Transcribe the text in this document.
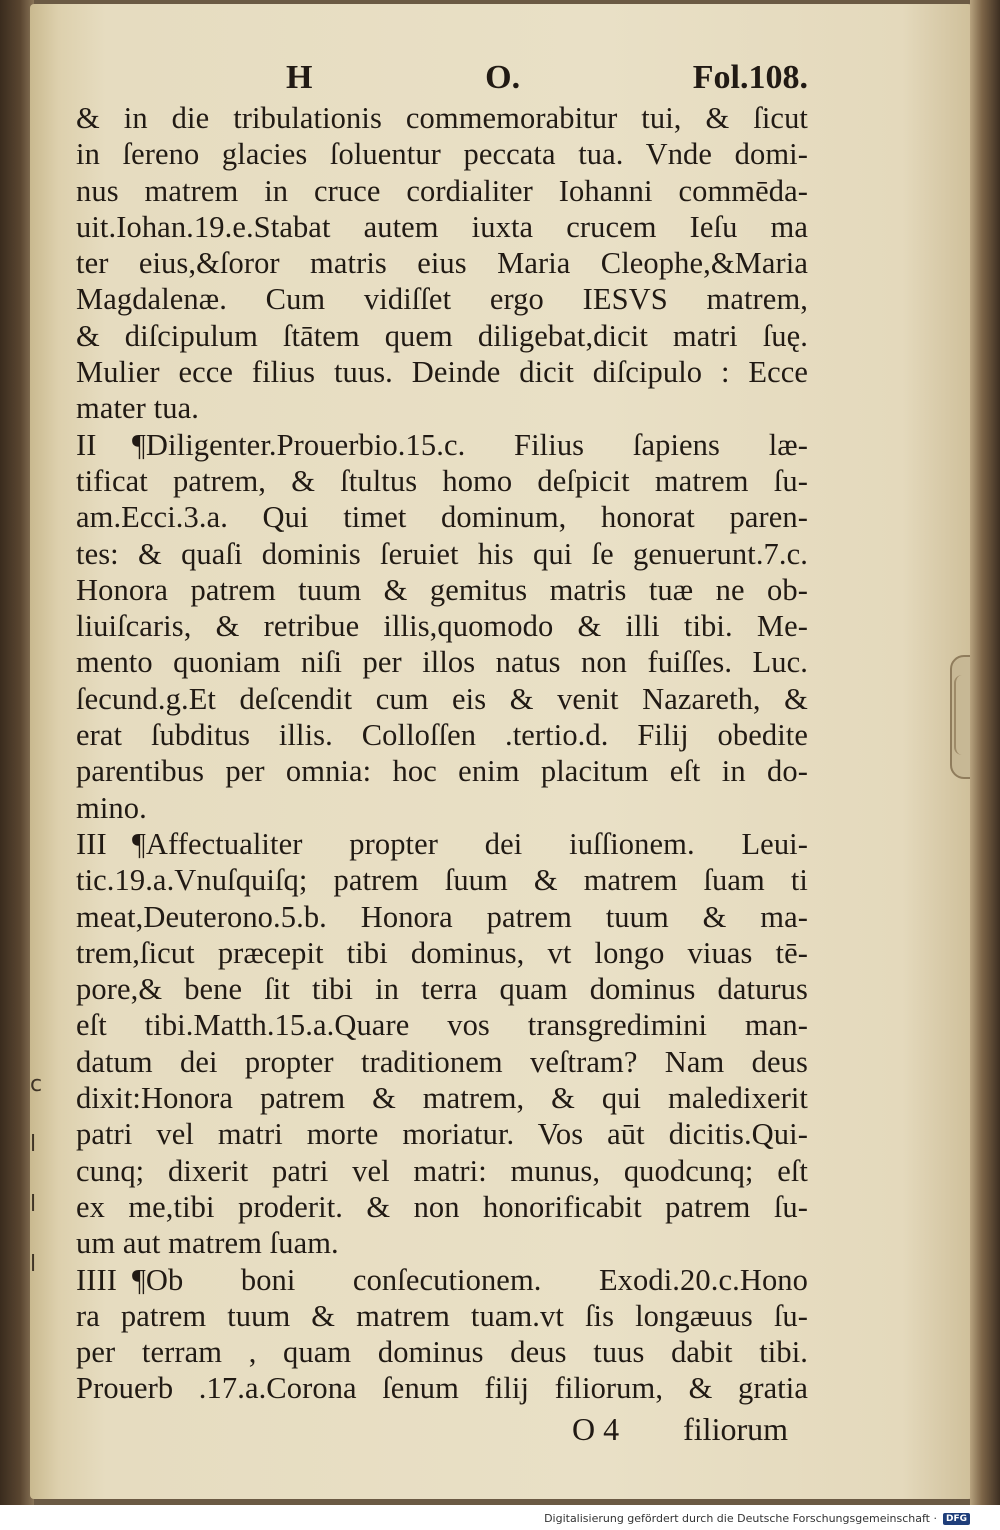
c

l

l

l

H	O.	Fol.108.
& in die tribulationis commemorabitur tui, & ſicut
in ſereno glacies ſoluentur peccata tua. Vnde domi-
nus matrem in cruce cordialiter Iohanni commēda-
uit.Iohan.19.e.Stabat autem iuxta crucem Ieſu ma
ter eius,&ſoror matris eius Maria Cleophe,&Maria
Magdalenæ. Cum vidiſſet ergo IESVS matrem,
& diſcipulum ſtātem quem diligebat,dicit matri ſuę.
Mulier ecce filius tuus. Deinde dicit diſcipulo : Ecce
mater tua.
II ¶Diligenter.Prouerbio.15.c. Filius ſapiens læ-
tificat patrem, & ſtultus homo deſpicit matrem ſu-
am.Ecci.3.a. Qui timet dominum, honorat paren-
tes: & quaſi dominis ſeruiet his qui ſe genuerunt.7.c.
Honora patrem tuum & gemitus matris tuæ ne ob-
liuiſcaris, & retribue illis,quomodo & illi tibi. Me-
mento quoniam niſi per illos natus non fuiſſes. Luc.
ſecund.g.Et deſcendit cum eis & venit Nazareth, &
erat ſubditus illis. Colloſſen .tertio.d. Filij obedite
parentibus per omnia: hoc enim placitum eſt in do-
mino.
III ¶Affectualiter propter dei iuſſionem. Leui-
tic.19.a.Vnuſquiſq; patrem ſuum & matrem ſuam ti
meat,Deuterono.5.b. Honora patrem tuum & ma-
trem,ſicut præcepit tibi dominus, vt longo viuas tē-
pore,& bene ſit tibi in terra quam dominus daturus
eſt tibi.Matth.15.a.Quare vos transgredimini man-
datum dei propter traditionem veſtram? Nam deus
dixit:Honora patrem & matrem, & qui maledixerit
patri vel matri morte moriatur. Vos aūt dicitis.Qui-
cunq; dixerit patri vel matri: munus, quodcunq; eſt
ex me,tibi proderit. & non honorificabit patrem ſu-
um aut matrem ſuam.
IIII ¶Ob boni conſecutionem. Exodi.20.c.Hono
ra patrem tuum & matrem tuam.vt ſis longæuus ſu-
per terram , quam dominus deus tuus dabit tibi.
Prouerb .17.a.Corona ſenum filij filiorum, & gratia
O 4 filiorum
Digitalisierung gefördert durch die Deutsche Forschungsgemeinschaft ·	DFG
